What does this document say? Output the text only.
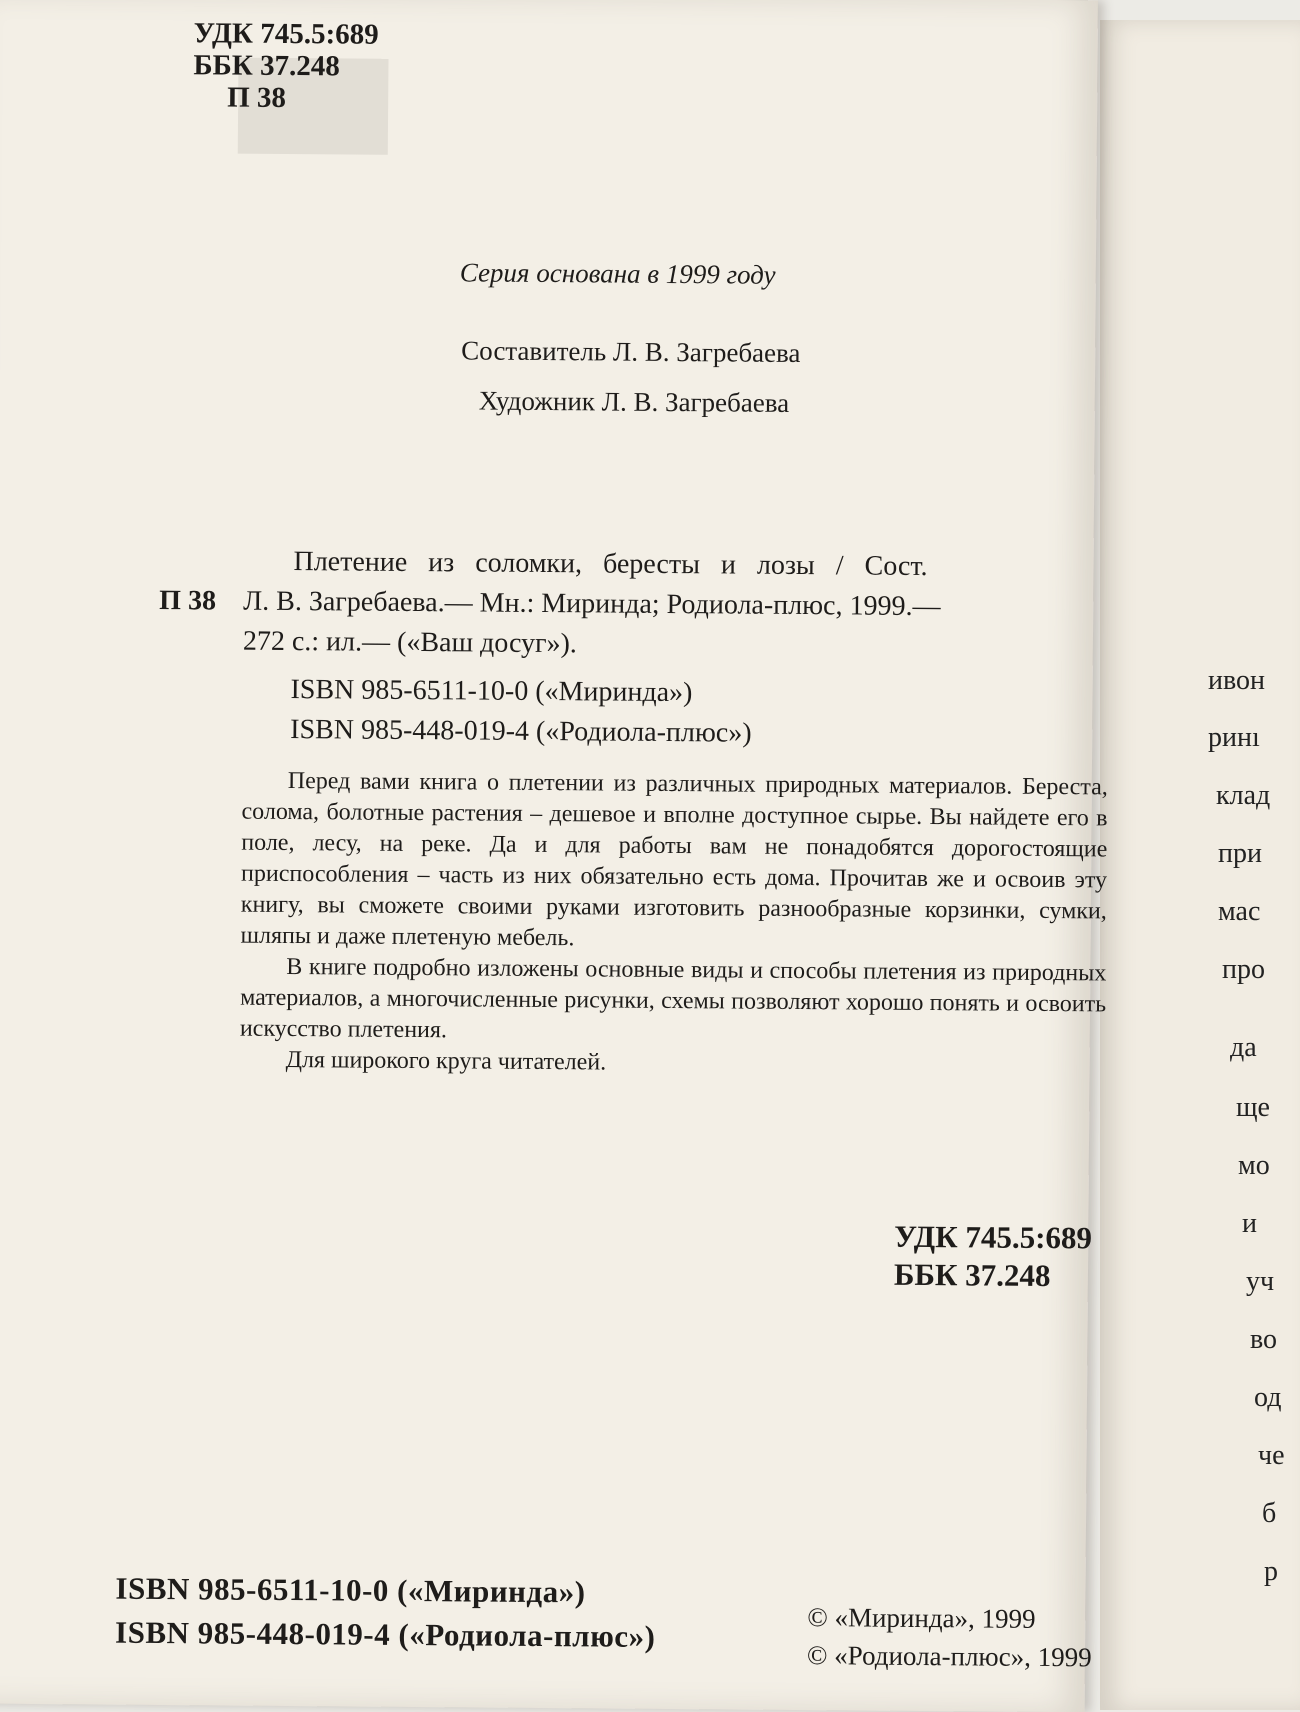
ивон
ринı
клад
при
мас
про
да
ще
мо
и
уч
во
од
че
б
р
​
​
​
УДК 745.5:689
ББК 37.248
П 38
Серия основана в 1999 году
Составитель Л. В. Загребаева
Художник Л. В. Загребаева
Плетение из соломки, бересты и лозы / Сост.
П 38 Л. В. Загребаева.— Мн.: Миринда; Родиола-плюс, 1999.—
272 с.: ил.— («Ваш досуг»).
ISBN 985-6511-10-0 («Миринда»)
ISBN 985-448-019-4 («Родиола-плюс»)

Перед вами книга о плетении из различных природных материалов. Береста, солома, болотные растения – дешевое и вполне доступное сырье. Вы найдете его в поле, лесу, на реке. Да и для работы вам не понадобятся дорогостоящие приспособления – часть из них обязательно есть дома. Прочитав же и освоив эту книгу, вы сможете своими руками изготовить разнообразные корзинки, сумки, шляпы и даже плетеную мебель.

В книге подробно изложены основные виды и способы плетения из природных материалов, а многочисленные рисунки, схемы позволяют хорошо понять и освоить искусство плетения.

Для широкого круга читателей.

УДК 745.5:689
ББК 37.248
ISBN 985-6511-10-0 («Миринда»)
ISBN 985-448-019-4 («Родиола-плюс»)	© «Миринда», 1999
© «Родиола-плюс», 1999
